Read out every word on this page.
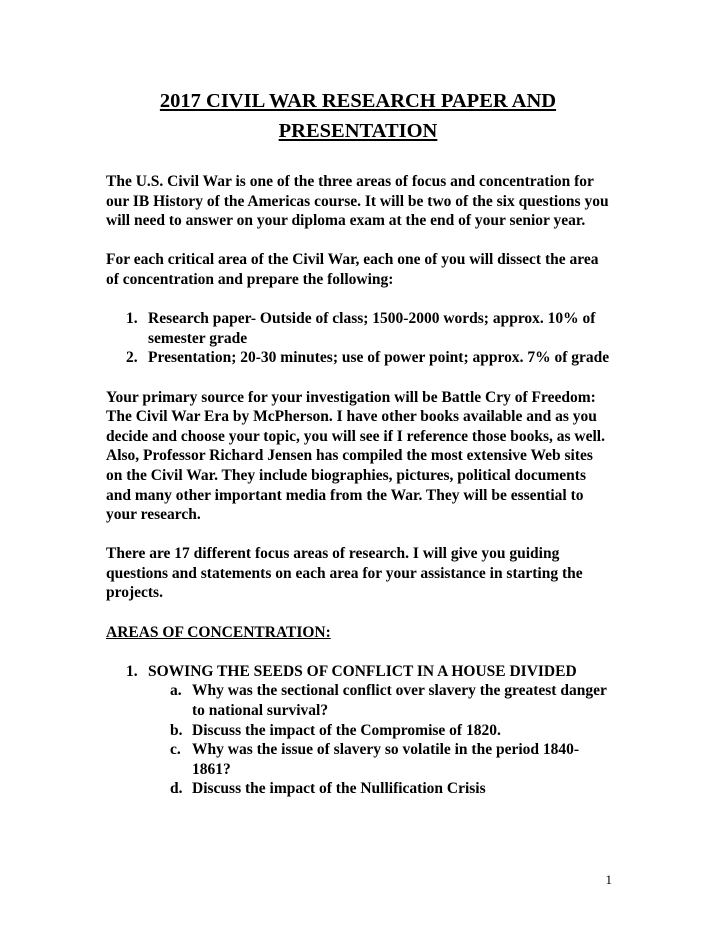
2017 CIVIL WAR RESEARCH PAPER AND
PRESENTATION

The U.S. Civil War is one of the three areas of focus and concentration for our IB History of the Americas course. It will be two of the six questions you will need to answer on your diploma exam at the end of your senior year.

For each critical area of the Civil War, each one of you will dissect the area of concentration and prepare the following:

1. Research paper- Outside of class; 1500-2000 words; approx. 10% of semester grade
2. Presentation; 20-30 minutes; use of power point; approx. 7% of grade

Your primary source for your investigation will be Battle Cry of Freedom: The Civil War Era by McPherson. I have other books available and as you decide and choose your topic, you will see if I reference those books, as well. Also, Professor Richard Jensen has compiled the most extensive Web sites on the Civil War. They include biographies, pictures, political documents and many other important media from the War. They will be essential to your research.

There are 17 different focus areas of research. I will give you guiding questions and statements on each area for your assistance in starting the projects.

AREAS OF CONCENTRATION:

1. SOWING THE SEEDS OF CONFLICT IN A HOUSE DIVIDED
a. Why was the sectional conflict over slavery the greatest danger to national survival?
b. Discuss the impact of the Compromise of 1820.
c. Why was the issue of slavery so volatile in the period 1840-1861?
d. Discuss the impact of the Nullification Crisis
1
